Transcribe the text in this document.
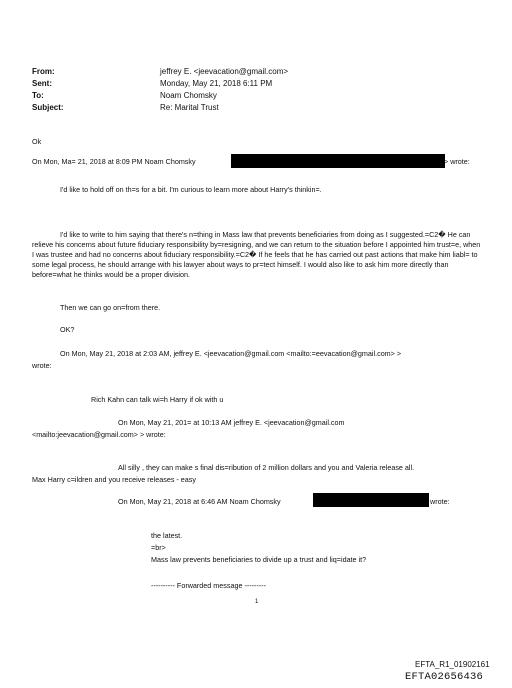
From:	jeffrey E. <jeevacation@gmail.com>
Sent:	Monday, May 21, 2018 6:11 PM
To:	Noam Chomsky
Subject:	Re: Marital Trust
Ok
On Mon, Ma= 21, 2018 at 8:09 PM Noam Chomsky	> wrote:
I'd like to hold off on th=s for a bit. I'm curious to learn more about Harry's thinkin=.
I'd like to write to him saying that there's n=thing in Mass law that prevents beneficiaries from doing as I suggested.=C2� He can relieve his concerns about future fiduciary responsibility by=resigning, and we can return to the situation before I appointed him trust=e, when I was trustee and had no concerns about fiduciary responsibility.=C2� If he feels that he has carried out past actions that make him liabl= to some legal process, he should arrange with his lawyer about ways to pr=tect himself. I would also like to ask him more directly than before=what he thinks would be a proper division.
Then we can go on=from there.
OK?
On Mon, May 21, 2018 at 2:03 AM, jeffrey E. <jeevacation@gmail.com <mailto:=eevacation@gmail.com> >
wrote:
Rich Kahn can talk wi=h Harry if ok with u
On Mon, May 21, 201= at 10:13 AM jeffrey E. <jeevacation@gmail.com
<mailto:jeevacation@gmail.com> > wrote:
All silly , they can make s final dis=ribution of 2 million dollars and you and Valeria release all.
Max Harry c=ildren and you receive releases - easy
On Mon, May 21, 2018 at 6:46 AM Noam Chomsky	wrote:
the latest.
=br>
Mass law prevents beneficiaries to divide up a trust and liq=idate it?
---------- Forwarded message ---------
1
EFTA_R1_01902161
EFTA02656436
